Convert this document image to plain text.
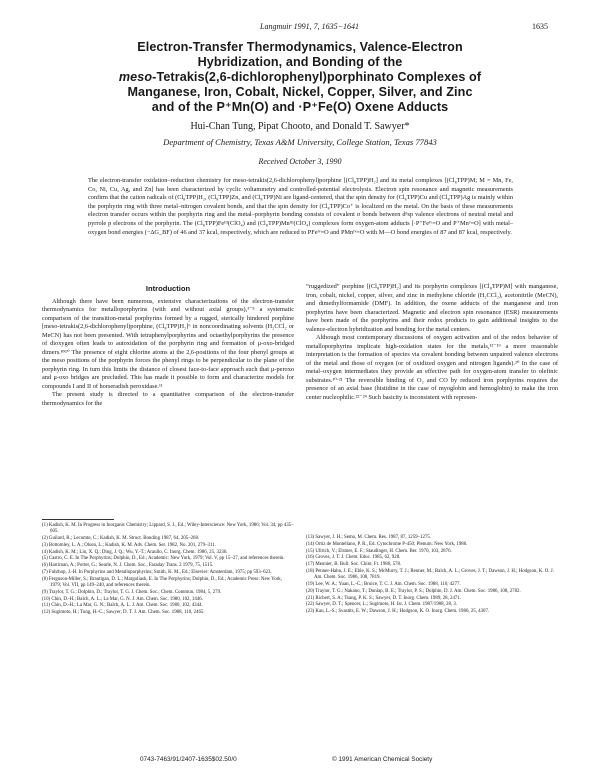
Langmuir 1991, 7, 1635−1641	1635
Electron-Transfer Thermodynamics, Valence-Electron
Hybridization, and Bonding of the
meso-Tetrakis(2,6-dichlorophenyl)porphinato Complexes of
Manganese, Iron, Cobalt, Nickel, Copper, Silver, and Zinc
and of the P⁺Mn(O) and ·P⁺Fe(O) Oxene Adducts
Hui-Chan Tung, Pipat Chooto, and Donald T. Sawyer*
Department of Chemistry, Texas A&M University, College Station, Texas 77843
Received October 3, 1990

The electron-transfer oxidation–reduction chemistry for meso-tetrakis(2,6-dichlorophenyl)porphine [(Cl₈TPP)H₂] and its metal complexes [(Cl₈TPP)M; M = Mn, Fe, Co, Ni, Cu, Ag, and Zn] has been characterized by cyclic voltammetry and controlled-potential electrolysis. Electron spin resonance and magnetic measurements confirm that the cation radicals of (Cl₈TPP)H₂, (Cl₈TPP)Zn, and (Cl₈TPP)Ni are ligand-centered, that the spin density for (Cl₈TPP)Cu and (Cl₈TPP)Ag is mainly within the porphyrin ring with three metal–nitrogen covalent bonds, and that the spin density for (Cl₈TPP)Co⁺ is localized on the metal. On the basis of these measurements electron transfer occurs within the porphyrin ring and the metal–porphyrin bonding consists of covalent σ bonds between dⁿsp valence electrons of neutral metal and pyrrole p electrons of the porphyrin. The (Cl₈TPP)Feᴵᴵᴵ(ClO₄) and (Cl₈TPP)Mnᴵᴵᴵ(ClO₄) complexes form oxygen-atom adducts [·P⁺Feᴵᵛ=O and P⁺Mnᵛ=O] with metal–oxygen bond energies (−ΔG_BF) of 46 and 37 kcal, respectively, which are reduced to PFeᴵᵛ=O and PMnᴵᵛ=O with M—O bond energies of 87 and 87 kcal, respectively.

Introduction

Although there have been numerous, extensive characterizations of the electron-transfer thermodynamics for metalloporphyrins (with and without axial groups),¹⁻⁵ a systematic comparison of the transition-metal porphyrins formed by a rugged, sterically hindered porphine [meso-tetrakis(2,6-dichlorophenyl)porphine, (Cl₈TPP)H₂]⁶ in noncoordinating solvents (H₂CCl₂ or MeCN) has not been presented. With tetraphenylporphyrins and octaethylporphyrins the presence of dioxygen often leads to autoxidation of the porphyrin ring and formation of μ-oxo-bridged dimers.⁸⁹¹⁰ The presence of eight chlorine atoms at the 2,6-positions of the four phenyl groups at the meso positions of the porphyrin forces the phenyl rings to be perpendicular to the plane of the porphyrin ring. In turn this limits the distance of closest face-to-face approach such that μ-peroxo and μ-oxo bridges are precluded. This has made it possible to form and characterize models for compounds I and II of horseradish peroxidase.¹¹

The present study is directed to a quantitative comparison of the electron-transfer thermodynamics for the

“ruggedized” porphine [(Cl₈TPP)H₂] and its porphyrin complexes [(Cl₈TPP)M] with manganese, iron, cobalt, nickel, copper, silver, and zinc in methylene chloride (H₂CCl₂), acetonitrile (MeCN), and dimethylformamide (DMF). In addition, the oxene adducts of the manganese and iron porphyrins have been characterized. Magnetic and electron spin resonance (ESR) measurements have been made of the porphyrins and their redox products to gain additional insights to the valence-electron hybridization and bonding for the metal centers.

Although most contemporary discussions of oxygen activation and of the redox behavior of metalloporphyrins implicate high-oxidation states for the metals,¹²⁻¹⁹ a more reasonable interpretation is the formation of species via covalent bonding between unpaired valence electrons of the metal and those of oxygen (or of oxidized oxygen and nitrogen ligands).²⁰ In the case of metal–oxygen intermediates they provide an effective path for oxygen-atom transfer to olefinic substrates.¹⁰‧²¹ The reversible binding of O₂ and CO by reduced iron porphyrins requires the presence of an axial base (histidine in the case of myoglobin and hemoglobin) to make the iron center nucleophilic.²²⁻²⁴ Such basicity is inconsistent with represen-

(1) Kadish, K. M. In Progress in Inorganic Chemistry; Lippard, S. J., Ed.; Wiley-Interscience: New York, 1986; Vol. 34, pp 435–605.
(2) Guilard, R.; Lecomte, C.; Kadish, K. M. Struct. Bonding 1987, 64, 205–268.
(3) Bottomley, L. A.; Olson, L.; Kadish, K. M. Adv. Chem. Ser. 1982, No. 201, 279–311.
(4) Kadish, K. M.; Lin, X. Q.; Ding, J. Q.; Wu, Y.-T.; Araullo, C. Inorg. Chem. 1986, 25, 3236.
(5) Castro, C. E. In The Porphyrins; Dolphin, D., Ed.; Academic: New York, 1979; Vol. V, pp 15–27, and references therein.
(6) Harriman, A.; Porter, G.; Searle, N. J. Chem. Soc., Faraday Trans. 2 1979, 75, 1515.
(7) Fuhrhop, J.-H. In Porphyrins and Metalloporphyrins; Smith, K. M., Ed.; Elsevier: Amsterdam, 1975; pp 593–623.
(8) Ferguson-Miller, S.; Brautigan, D. L.; Margoliash, E. In The Porphyrins; Dolphin, D., Ed.; Academic Press: New York, 1979; Vol. VII, pp 149–240, and references therein.
(9) Traylor, T. G.; Dolphin, D.; Traylor, T. G. J. Chem. Soc., Chem. Commun. 1984, 5, 279.
(10) Chin, D.-H.; Balch, A. L.; La Mar, G. N. J. Am. Chem. Soc. 1980, 102, 1446.
(11) Chin, D.-H.; La Mar, G. N.; Balch, A. L. J. Am. Chem. Soc. 1980, 102, 4344.
(12) Sugimoto, H.; Tung, H.-C.; Sawyer, D. T. J. Am. Chem. Soc. 1988, 110, 2465.
(13) Sawyer, J. H.; Semo, M. Chem. Res. 1987, 87, 1259–1275.
(14) Ortiz de Montellano, P. R., Ed. Cytochrome P-450; Plenum: New York, 1986.
(15) Ullrich, V.; Elstner, E. F.; Staudinger, H. Chem. Ber. 1970, 103, 2876.
(16) Groves, J. T. J. Chem. Educ. 1985, 62, 928.
(17) Meunier, B. Bull. Soc. Chim. Fr. 1986, 578.
(18) Penner-Hahn, J. E.; Eble, K. S.; McMurry, T. J.; Renner, M.; Balch, A. L.; Groves, J. T.; Dawson, J. H.; Hodgson, K. O. J. Am. Chem. Soc. 1986, 108, 7819.
(19) Lee, W. A.; Yuan, L.-C.; Bruice, T. C. J. Am. Chem. Soc. 1988, 110, 4277.
(20) Traylor, T. G.; Nakano, T.; Dunlap, B. E.; Traylor, P. S.; Dolphin, D. J. Am. Chem. Soc. 1986, 108, 2782.
(21) Richert, S. A.; Tsang, P. K. S.; Sawyer, D. T. Inorg. Chem. 1989, 28, 2471.
(22) Sawyer, D. T.; Spencer, L.; Sugimoto, H. Isr. J. Chem. 1987/1988, 28, 3.
(23) Kau, L.-S.; Svastits, E. W.; Dawson, J. H.; Hodgson, K. O. Inorg. Chem. 1986, 25, 4307.
0743-7463/91/2407-1635$02.50/0	© 1991 American Chemical Society
